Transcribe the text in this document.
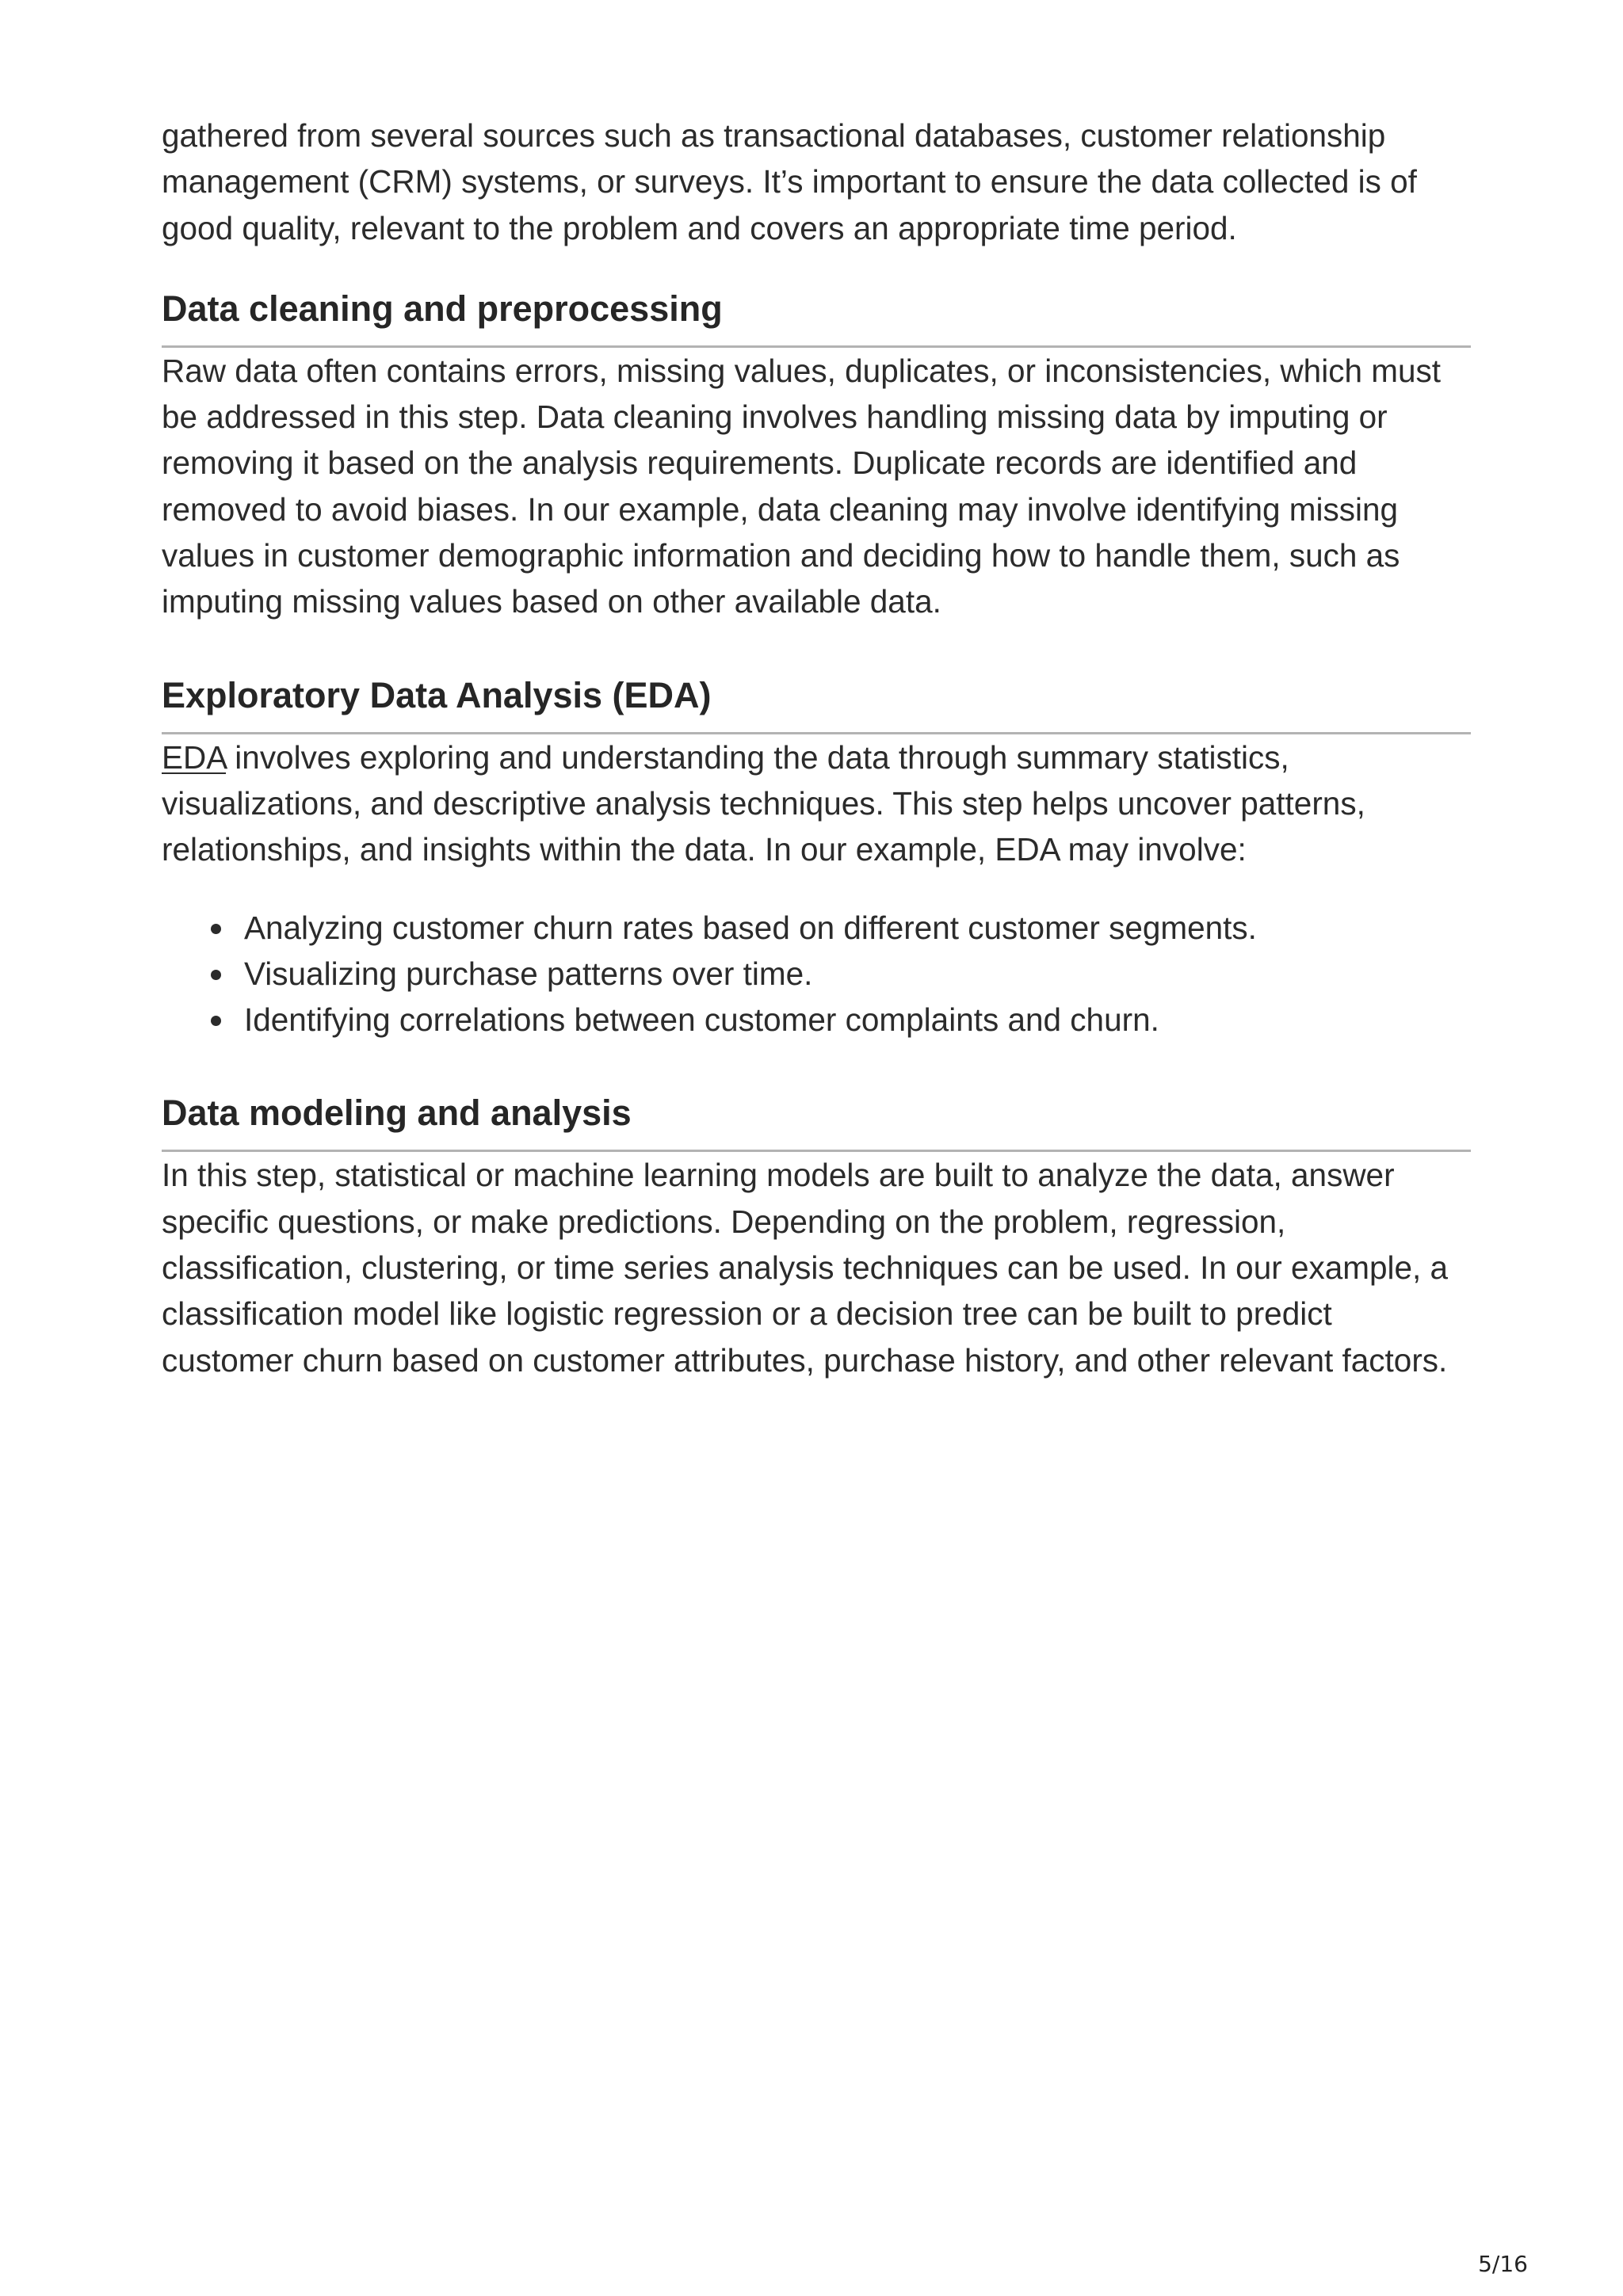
gathered from several sources such as transactional databases, customer relationship management (CRM) systems, or surveys. It’s important to ensure the data collected is of good quality, relevant to the problem and covers an appropriate time period.

Data cleaning and preprocessing

Raw data often contains errors, missing values, duplicates, or inconsistencies, which must be addressed in this step. Data cleaning involves handling missing data by imputing or removing it based on the analysis requirements. Duplicate records are identified and removed to avoid biases. In our example, data cleaning may involve identifying missing values in customer demographic information and deciding how to handle them, such as imputing missing values based on other available data.

Exploratory Data Analysis (EDA)

EDA involves exploring and understanding the data through summary statistics, visualizations, and descriptive analysis techniques. This step helps uncover patterns, relationships, and insights within the data. In our example, EDA may involve:

Analyzing customer churn rates based on different customer segments.
Visualizing purchase patterns over time.
Identifying correlations between customer complaints and churn.
Data modeling and analysis

In this step, statistical or machine learning models are built to analyze the data, answer specific questions, or make predictions. Depending on the problem, regression, classification, clustering, or time series analysis techniques can be used. In our example, a classification model like logistic regression or a decision tree can be built to predict customer churn based on customer attributes, purchase history, and other relevant factors.

5/16
